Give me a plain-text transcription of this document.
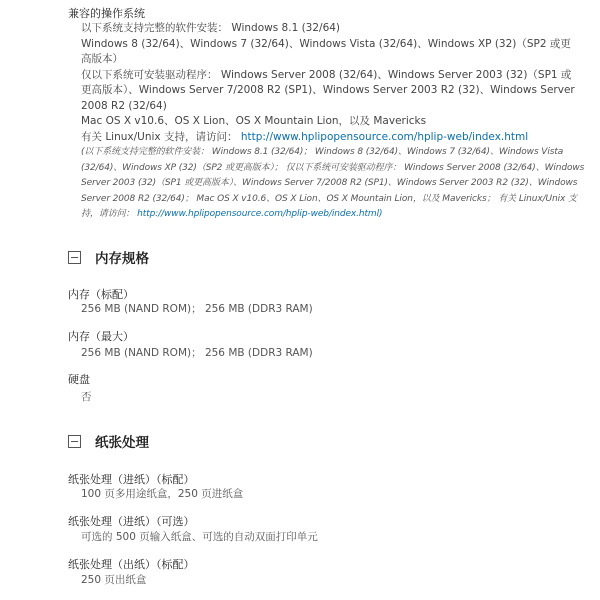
兼容的操作系统
以下系统支持完整的软件安装： Windows 8.1 (32/64)
Windows 8 (32/64)、Windows 7 (32/64)、Windows Vista (32/64)、Windows XP (32)（SP2 或更高版本）
仅以下系统可安装驱动程序： Windows Server 2008 (32/64)、Windows Server 2003 (32)（SP1 或更高版本）、Windows Server 7/2008 R2 (SP1)、Windows Server 2003 R2 (32)、Windows Server 2008 R2 (32/64)
Mac OS X v10.6、OS X Lion、OS X Mountain Lion，以及 Mavericks
有关 Linux/Unix 支持，请访问： http://www.hplipopensource.com/hplip-web/index.html
(以下系统支持完整的软件安装： Windows 8.1 (32/64)； Windows 8 (32/64)、Windows 7 (32/64)、Windows Vista (32/64)、Windows XP (32)（SP2 或更高版本）； 仅以下系统可安装驱动程序： Windows Server 2008 (32/64)、Windows Server 2003 (32)（SP1 或更高版本）、Windows Server 7/2008 R2 (SP1)、Windows Server 2003 R2 (32)、Windows Server 2008 R2 (32/64)； Mac OS X v10.6、OS X Lion、OS X Mountain Lion，以及 Mavericks； 有关 Linux/Unix 支持，请访问： http://www.hplipopensource.com/hplip-web/index.html)
内存规格
内存（标配）
256 MB (NAND ROM)； 256 MB (DDR3 RAM)
内存（最大）
256 MB (NAND ROM)； 256 MB (DDR3 RAM)
硬盘
否
纸张处理
纸张处理（进纸）（标配）
100 页多用途纸盒，250 页进纸盒
纸张处理（进纸）（可选）
可选的 500 页输入纸盒、可选的自动双面打印单元
纸张处理（出纸）（标配）
250 页出纸盒
